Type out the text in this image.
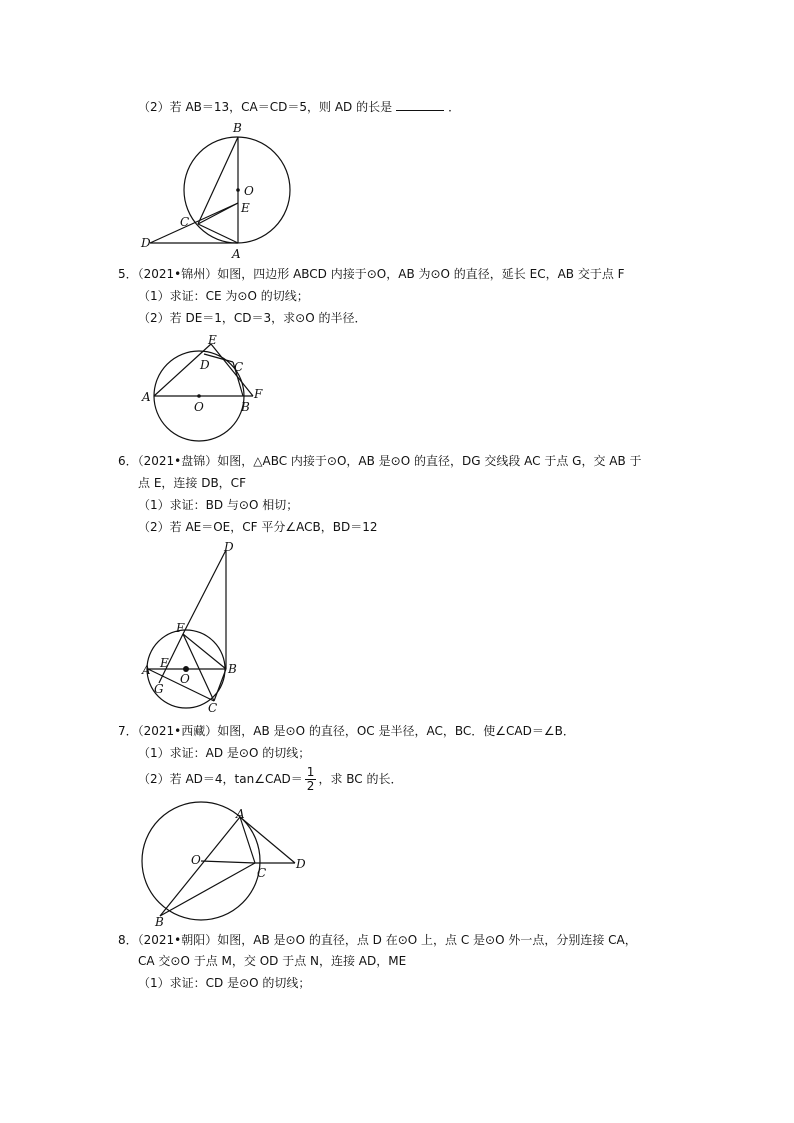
（2）若 AB＝13，CA＝CD＝5，则 AD 的长是	．
B
O
E
C
D
A
5．（2021•锦州）如图，四边形 ABCD 内接于⊙O，AB 为⊙O 的直径，延长 EC，AB 交于点 F
（1）求证：CE 为⊙O 的切线；
（2）若 DE＝1，CD＝3，求⊙O 的半径．
E
D C
A
O	B
F
6．（2021•盘锦）如图，△ABC 内接于⊙O，AB 是⊙O 的直径，DG 交线段 AC 于点 G，交 AB 于
点 E，连接 DB，CF
（1）求证：BD 与⊙O 相切；
（2）若 AE＝OE，CF 平分∠ACB，BD＝12
D
F
A E
O
B
G
C
7．（2021•西藏）如图，AB 是⊙O 的直径，OC 是半径，AC，BC．使∠CAD＝∠B．
（1）求证：AD 是⊙O 的切线；
（2）若 AD＝4，tan∠CAD＝ $\frac{1}{2}$ ，求 BC 的长．
A
O
C
D
B
8．（2021•朝阳）如图，AB 是⊙O 的直径，点 D 在⊙O 上，点 C 是⊙O 外一点，分别连接 CA，
CA 交⊙O 于点 M，交 OD 于点 N，连接 AD，ME
（1）求证：CD 是⊙O 的切线；
